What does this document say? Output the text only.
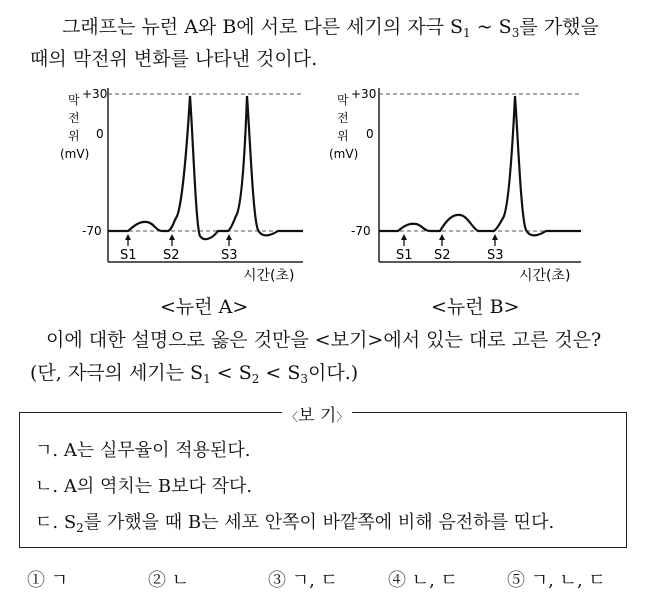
그래프는 뉴런 A와 B에 서로 다른 세기의 자극 $S_1$ ~ $S_3$를 가했을
때의 막전위 변화를 나타낸 것이다.
막
전
위
(mV)
+30
0
-70
S1 S2	S3
시간(초)
막
전
위
(mV)
+30
0
-70
S1 S2	S3
시간(초)
<뉴런 A>	<뉴런 B>
이에 대한 설명으로 옳은 것만을 <보기>에서 있는 대로 고른 것은?
(단, 자극의 세기는 $S_1 < S_2 < S_3$이다.)
〈보 기〉
ㄱ. A는 실무율이 적용된다.
ㄴ. A의 역치는 B보다 작다.
ㄷ. $S_2$를 가했을 때 B는 세포 안쪽이 바깥쪽에 비해 음전하를 띤다.
① ㄱ	② ㄴ	③ ㄱ, ㄷ	④ ㄴ, ㄷ	⑤ ㄱ, ㄴ, ㄷ
